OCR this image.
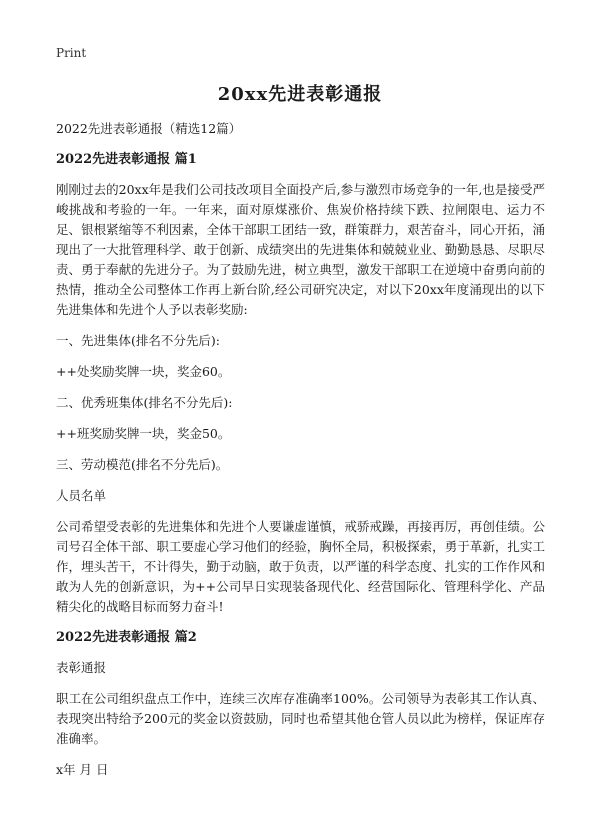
Print
20xx先进表彰通报

2022先进表彰通报（精选12篇）

2022先进表彰通报 篇1

刚刚过去的20xx年是我们公司技改项目全面投产后,参与激烈市场竞争的一年,也是接受严峻挑战和考验的一年。一年来，面对原煤涨价、焦炭价格持续下跌、拉闸限电、运力不足、银根紧缩等不利因素，全体干部职工团结一致，群策群力，艰苦奋斗，同心开拓，涌现出了一大批管理科学、敢于创新、成绩突出的先进集体和兢兢业业、勤勤恳恳、尽职尽责、勇于奉献的先进分子。为了鼓励先进，树立典型，激发干部职工在逆境中奋勇向前的热情，推动全公司整体工作再上新台阶,经公司研究决定，对以下20xx年度涌现出的以下先进集体和先进个人予以表彰奖励:

一、先进集体(排名不分先后):

++处奖励奖牌一块，奖金60。

二、优秀班集体(排名不分先后):

++班奖励奖牌一块，奖金50。

三、劳动模范(排名不分先后)。

人员名单

公司希望受表彰的先进集体和先进个人要谦虚谨慎，戒骄戒躁，再接再厉，再创佳绩。公司号召全体干部、职工要虚心学习他们的经验，胸怀全局，积极探索，勇于革新，扎实工作，埋头苦干，不计得失，勤于动脑，敢于负责，以严谨的科学态度、扎实的工作作风和敢为人先的创新意识，为++公司早日实现装备现代化、经营国际化、管理科学化、产品精尖化的战略目标而努力奋斗!

2022先进表彰通报 篇2

表彰通报

职工在公司组织盘点工作中，连续三次库存准确率100%。公司领导为表彰其工作认真、表现突出特给予200元的奖金以资鼓励，同时也希望其他仓管人员以此为榜样，保证库存准确率。

x年 月 日
